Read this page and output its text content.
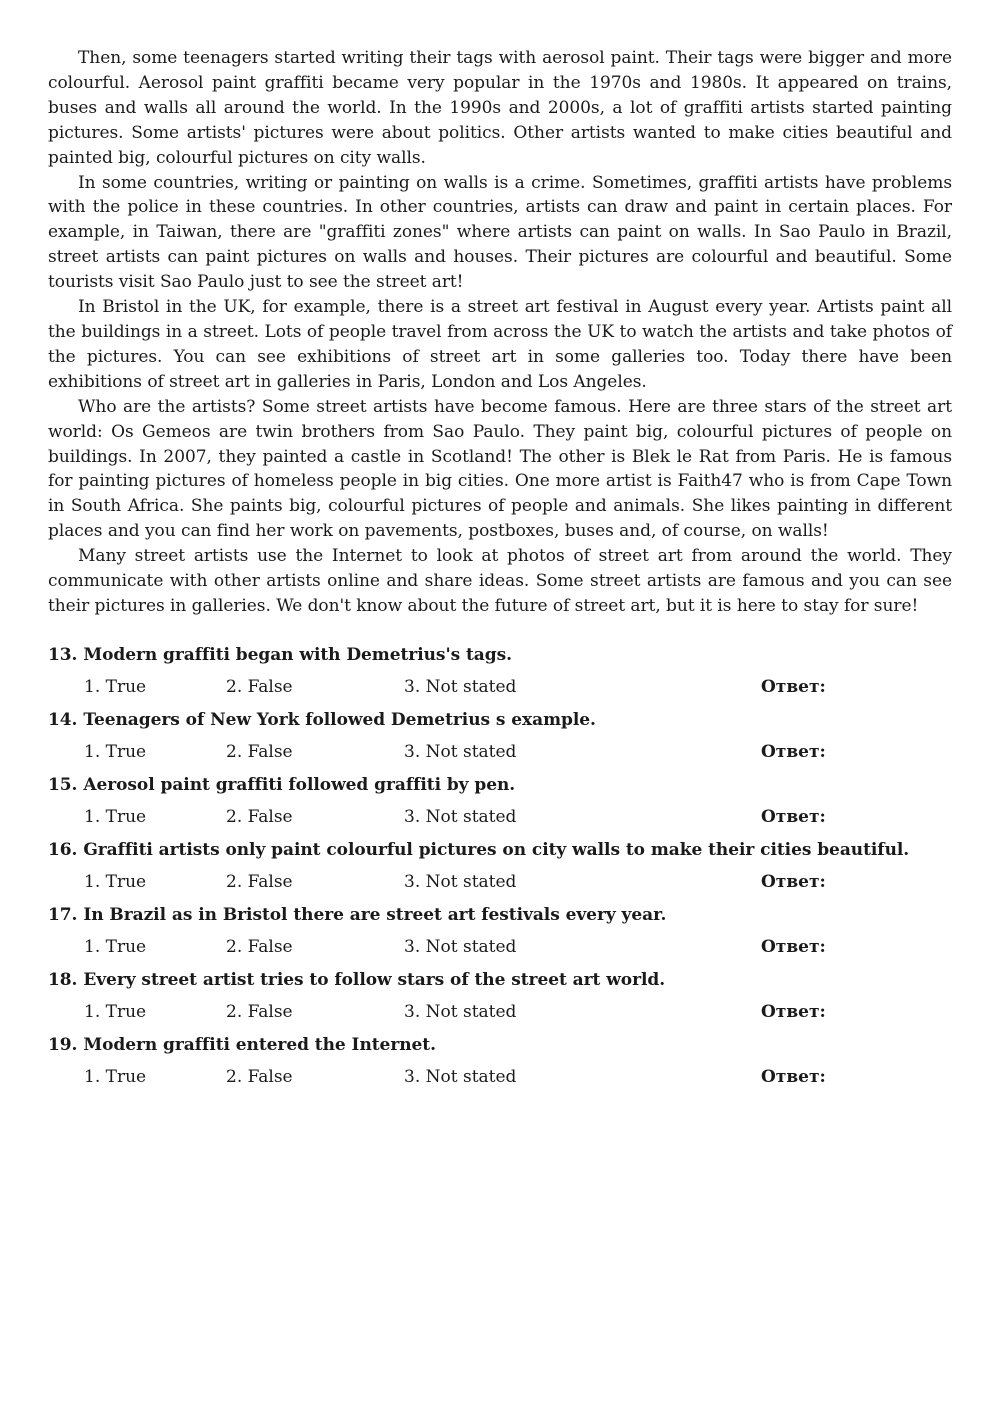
Then, some teenagers started writing their tags with aerosol paint. Their tags were bigger and more colourful. Aerosol paint graffiti became very popular in the 1970s and 1980s. It appeared on trains, buses and walls all around the world. In the 1990s and 2000s, a lot of graffiti artists started painting pictures. Some artists' pictures were about politics. Other artists wanted to make cities beautiful and painted big, colourful pictures on city walls.

In some countries, writing or painting on walls is a crime. Sometimes, graffiti artists have problems with the police in these countries. In other countries, artists can draw and paint in certain places. For example, in Taiwan, there are "graffiti zones" where artists can paint on walls. In Sao Paulo in Brazil, street artists can paint pictures on walls and houses. Their pictures are colourful and beautiful. Some tourists visit Sao Paulo just to see the street art!

In Bristol in the UK, for example, there is a street art festival in August every year. Artists paint all the buildings in a street. Lots of people travel from across the UK to watch the artists and take photos of the pictures. You can see exhibitions of street art in some galleries too. Today there have been exhibitions of street art in galleries in Paris, London and Los Angeles.

Who are the artists? Some street artists have become famous. Here are three stars of the street art world: Os Gemeos are twin brothers from Sao Paulo. They paint big, colourful pictures of people on buildings. In 2007, they painted a castle in Scotland! The other is Blek le Rat from Paris. He is famous for painting pictures of homeless people in big cities. One more artist is Faith47 who is from Cape Town in South Africa. She paints big, colourful pictures of people and animals. She likes painting in different places and you can find her work on pavements, postboxes, buses and, of course, on walls!

Many street artists use the Internet to look at photos of street art from around the world. They communicate with other artists online and share ideas. Some street artists are famous and you can see their pictures in galleries. We don't know about the future of street art, but it is here to stay for sure!

13. Modern graffiti began with Demetrius's tags.
1. True	2. False	3. Not stated	Ответ:
14. Teenagers of New York followed Demetrius s example.
1. True	2. False	3. Not stated	Ответ:
15. Aerosol paint graffiti followed graffiti by pen.
1. True	2. False	3. Not stated	Ответ:
16. Graffiti artists only paint colourful pictures on city walls to make their cities beautiful.
1. True	2. False	3. Not stated	Ответ:
17. In Brazil as in Bristol there are street art festivals every year.
1. True	2. False	3. Not stated	Ответ:
18. Every street artist tries to follow stars of the street art world.
1. True	2. False	3. Not stated	Ответ:
19. Modern graffiti entered the Internet.
1. True	2. False	3. Not stated	Ответ:
